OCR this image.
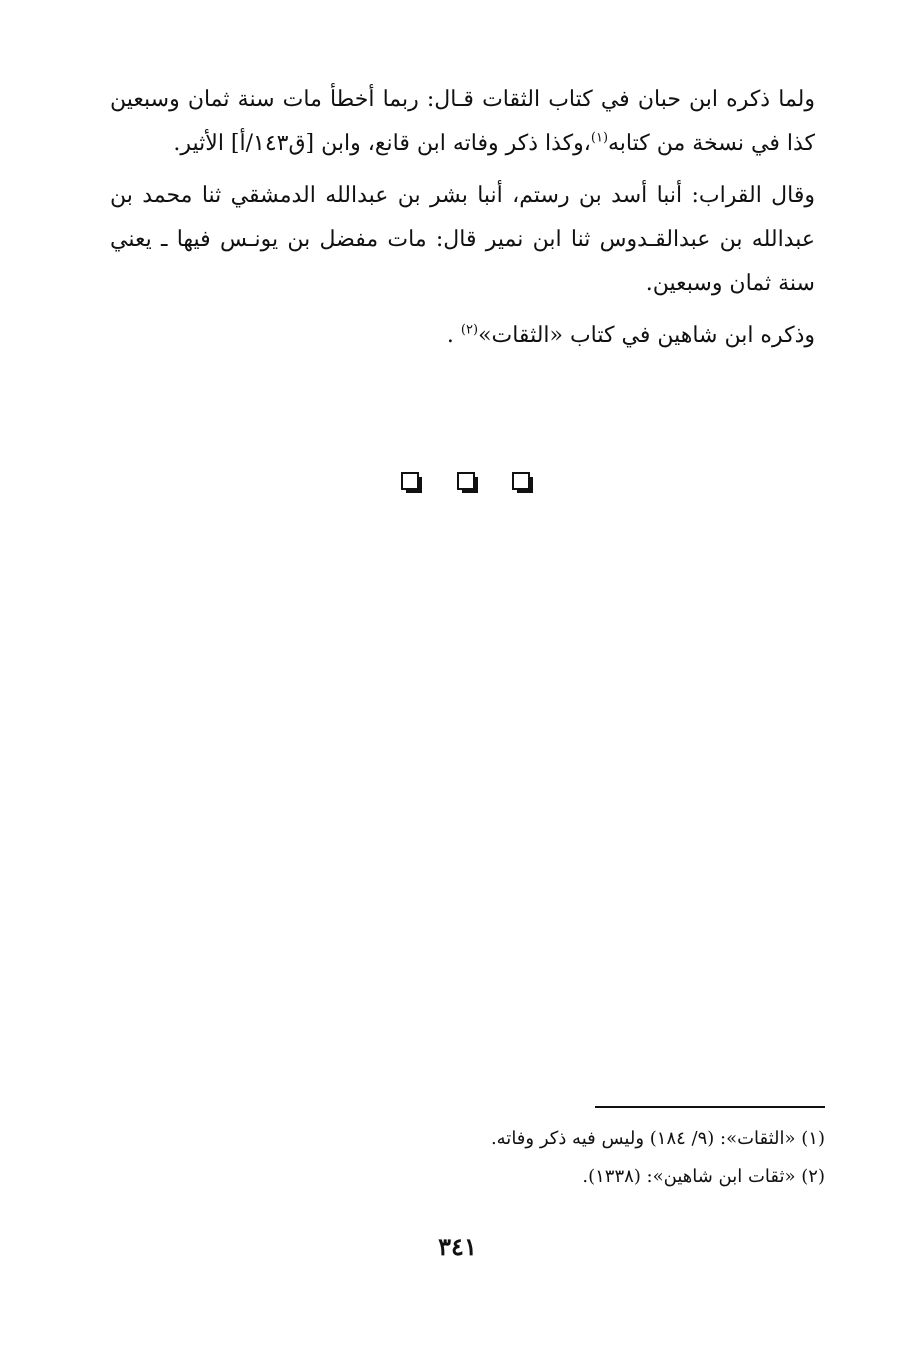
ولما ذكره ابن حبان في كتاب الثقات قـال: ربما أخطأ مات سنة ثمان وسبعين
كذا في نسخة من كتابه$^{(١)}$،وكذا ذكر وفاته ابن قانع، وابن [ق١٤٣/أ] الأثير.

وقال القراب: أنبا أسد بن رستم، أنبا بشر بن عبدالله الدمشقي ثنا محمد بن
عبدالله بن عبدالقـدوس ثنا ابن نمير قال: مات مفضل بن يونـس فيها ـ يعني
سنة ثمان وسبعين.

وذكره ابن شاهين في كتاب «الثقات»$^{(٢)}$ .

(١) «الثقات»: (٩/ ١٨٤) وليس فيه ذكر وفاته.
(٢) «ثقات ابن شاهين»: (١٣٣٨).
٣٤١
